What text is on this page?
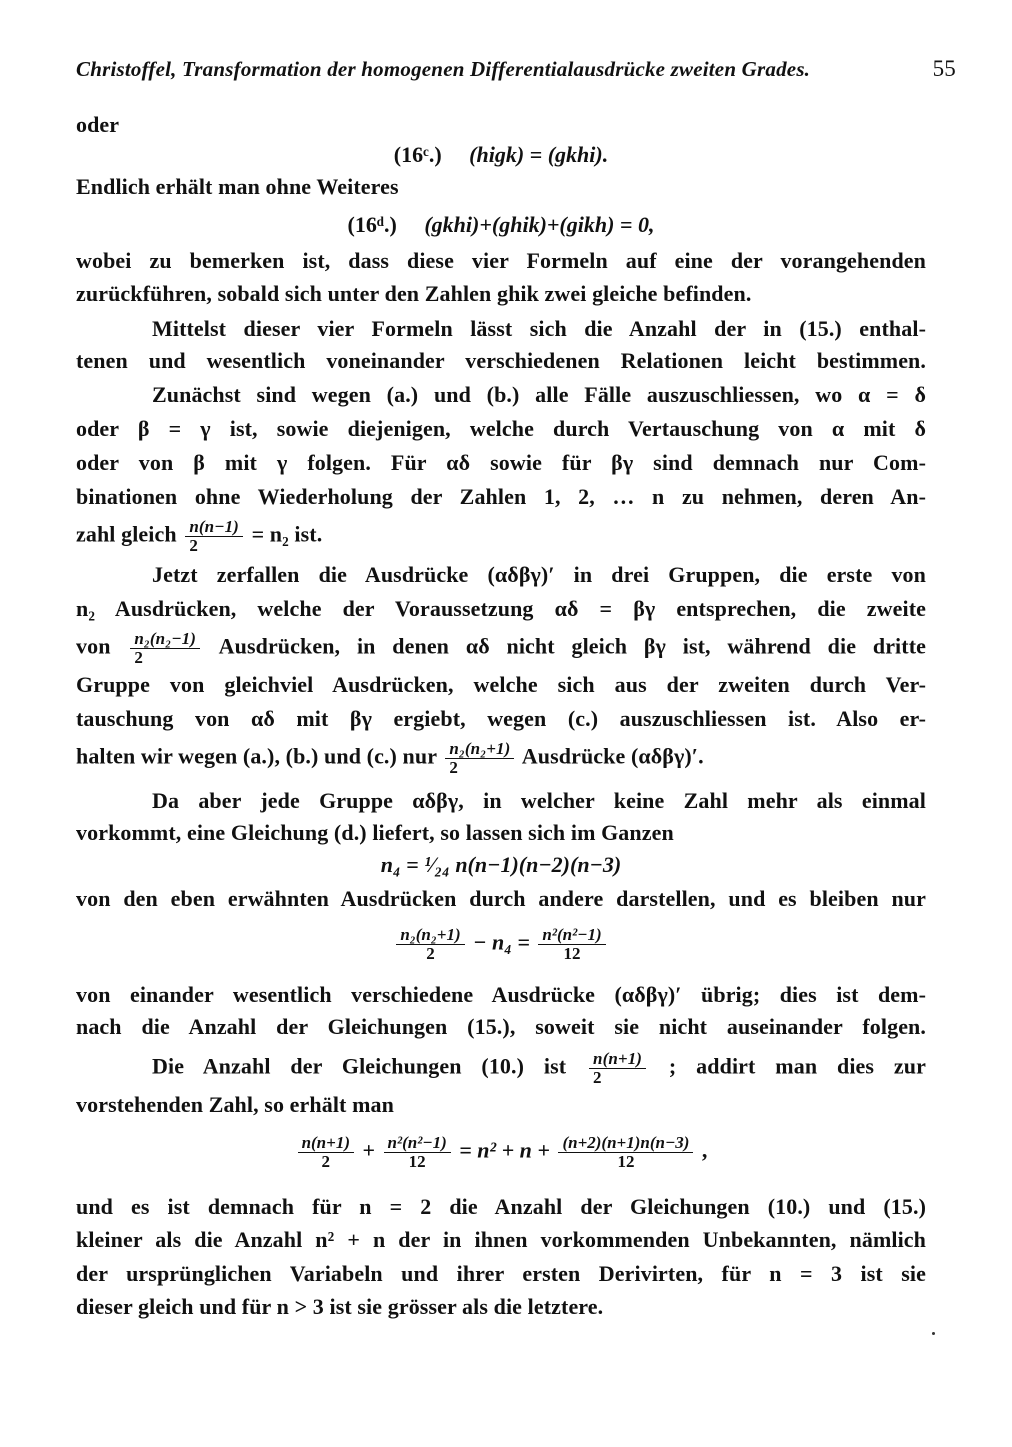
Christoffel, Transformation der homogenen Differentialausdrücke zweiten Grades.	55
oder
(16ᶜ.) (higk) = (gkhi).
Endlich erhält man ohne Weiteres
(16ᵈ.) (gkhi)+(ghik)+(gikh) = 0,
wobei zu bemerken ist, dass diese vier Formeln auf eine der vorangehenden
zurückführen, sobald sich unter den Zahlen ghik zwei gleiche befinden.
Mittelst dieser vier Formeln lässt sich die Anzahl der in (15.) enthal-
tenen und wesentlich voneinander verschiedenen Relationen leicht bestimmen.
Zunächst sind wegen (a.) und (b.) alle Fälle auszuschliessen, wo α = δ
oder β = γ ist, sowie diejenigen, welche durch Vertauschung von α mit δ
oder von β mit γ folgen. Für αδ sowie für βγ sind demnach nur Com-
binationen ohne Wiederholung der Zahlen 1, 2, … n zu nehmen, deren An-
zahl gleich $\frac{n(n-1)}{2} = n_2$ ist.
Jetzt zerfallen die Ausdrücke (αδβγ)′ in drei Gruppen, die erste von
n₂ Ausdrücken, welche der Voraussetzung αδ = βγ entsprechen, die zweite
von $\frac{\text{n₂(n₂−1)}}{2}$ Ausdrücken, in denen αδ nicht gleich βγ ist, während die dritte
Gruppe von gleichviel Ausdrücken, welche sich aus der zweiten durch Ver-
tauschung von αδ mit βγ ergiebt, wegen (c.) auszuschliessen ist. Also er-
halten wir wegen (a.), (b.) und (c.) nur $\frac{\text{n₂(n₂+1)}}{2}$ Ausdrücke (αδβγ)′.
Da aber jede Gruppe αδβγ, in welcher keine Zahl mehr als einmal
vorkommt, eine Gleichung (d.) liefert, so lassen sich im Ganzen
n₄ = ¹⁄₂₄ n(n−1)(n−2)(n−3)
von den eben erwähnten Ausdrücken durch andere darstellen, und es bleiben nur
$\frac{\text{n₂(n₂+1)}}{2} - n_4 = \frac{\text{n²(n²−1)}}{12}$
von einander wesentlich verschiedene Ausdrücke (αδβγ)′ übrig; dies ist dem-
nach die Anzahl der Gleichungen (15.), soweit sie nicht auseinander folgen.
Die Anzahl der Gleichungen (10.) ist $\frac{n(n+1)}{2}$ ; addirt man dies zur
vorstehenden Zahl, so erhält man
$\frac{n(n+1)}{2} + \frac{\text{n²(n²−1)}}{12} = n^2 + n + \frac{(n+2)(n+1)n(n-3)}{12}$ ,
und es ist demnach für n = 2 die Anzahl der Gleichungen (10.) und (15.)
kleiner als die Anzahl n² + n der in ihnen vorkommenden Unbekannten, nämlich
der ursprünglichen Variabeln und ihrer ersten Derivirten, für n = 3 ist sie
dieser gleich und für n > 3 ist sie grösser als die letztere.
